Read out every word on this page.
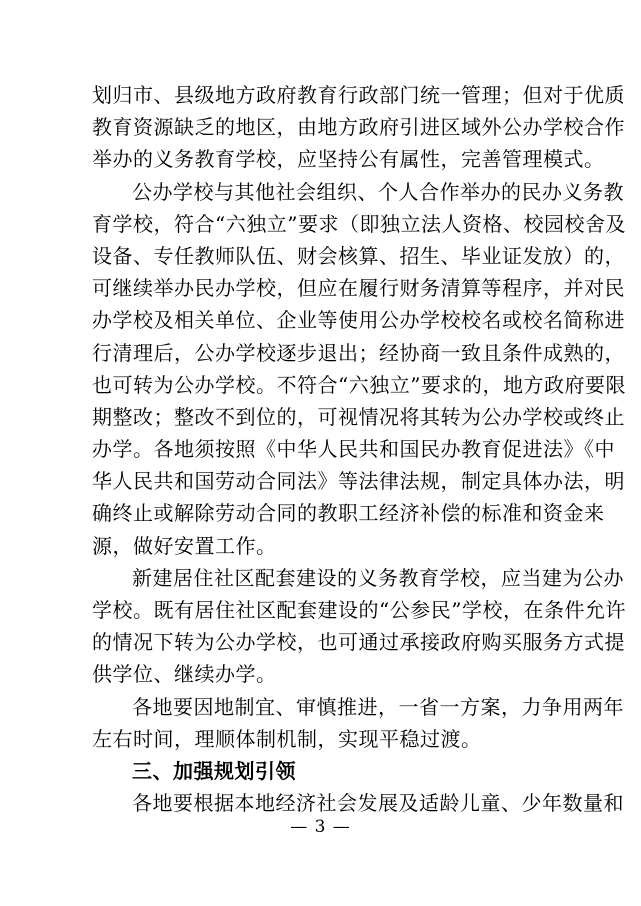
划归市、县级地方政府教育行政部门统一管理；但对于优质
教育资源缺乏的地区，由地方政府引进区域外公办学校合作
举办的义务教育学校，应坚持公有属性，完善管理模式。
公办学校与其他社会组织、个人合作举办的民办义务教
育学校，符合“六独立”要求（即独立法人资格、校园校舍及
设备、专任教师队伍、财会核算、招生、毕业证发放）的，
可继续举办民办学校，但应在履行财务清算等程序，并对民
办学校及相关单位、企业等使用公办学校校名或校名简称进
行清理后，公办学校逐步退出；经协商一致且条件成熟的，
也可转为公办学校。不符合“六独立”要求的，地方政府要限
期整改；整改不到位的，可视情况将其转为公办学校或终止
办学。各地须按照《中华人民共和国民办教育促进法》《中
华人民共和国劳动合同法》等法律法规，制定具体办法，明
确终止或解除劳动合同的教职工经济补偿的标准和资金来
源，做好安置工作。
新建居住社区配套建设的义务教育学校，应当建为公办
学校。既有居住社区配套建设的“公参民”学校，在条件允许
的情况下转为公办学校，也可通过承接政府购买服务方式提
供学位、继续办学。
各地要因地制宜、审慎推进，一省一方案，力争用两年
左右时间，理顺体制机制，实现平稳过渡。
三、加强规划引领
各地要根据本地经济社会发展及适龄儿童、少年数量和
— 3 —
